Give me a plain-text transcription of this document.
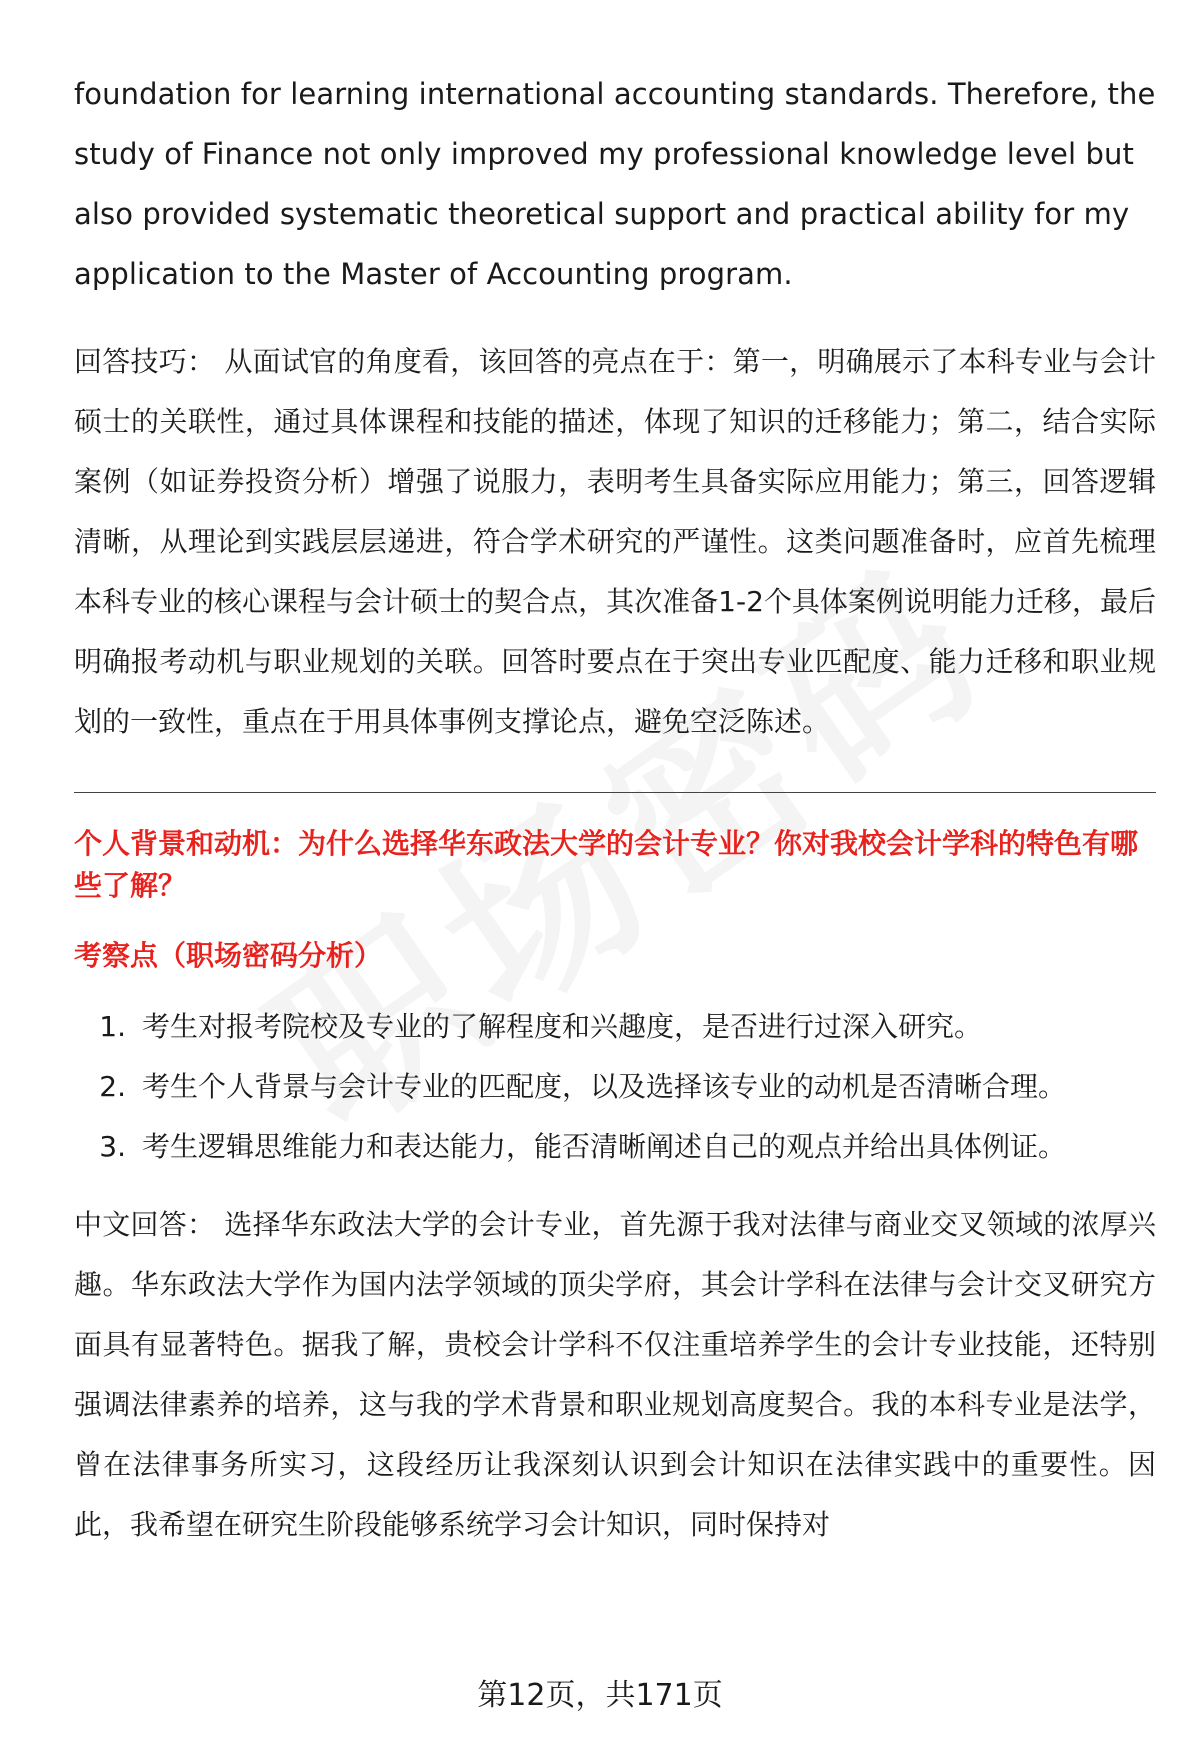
foundation for learning international accounting standards. Therefore, the study of Finance not only improved my professional knowledge level but also provided systematic theoretical support and practical ability for my application to the Master of Accounting program.

回答技巧： 从面试官的角度看，该回答的亮点在于：第一，明确展示了本科专业与会计硕士的关联性，通过具体课程和技能的描述，体现了知识的迁移能力；第二，结合实际案例（如证券投资分析）增强了说服力，表明考生具备实际应用能力；第三，回答逻辑清晰，从理论到实践层层递进，符合学术研究的严谨性。这类问题准备时，应首先梳理本科专业的核心课程与会计硕士的契合点，其次准备1-2个具体案例说明能力迁移，最后明确报考动机与职业规划的关联。回答时要点在于突出专业匹配度、能力迁移和职业规划的一致性，重点在于用具体事例支撑论点，避免空泛陈述。

个人背景和动机：为什么选择华东政法大学的会计专业？你对我校会计学科的特色有哪些了解？
考察点（职场密码分析）
1. 考生对报考院校及专业的了解程度和兴趣度，是否进行过深入研究。
2. 考生个人背景与会计专业的匹配度，以及选择该专业的动机是否清晰合理。
3. 考生逻辑思维能力和表达能力，能否清晰阐述自己的观点并给出具体例证。

中文回答： 选择华东政法大学的会计专业，首先源于我对法律与商业交叉领域的浓厚兴趣。华东政法大学作为国内法学领域的顶尖学府，其会计学科在法律与会计交叉研究方面具有显著特色。据我了解，贵校会计学科不仅注重培养学生的会计专业技能，还特别强调法律素养的培养，这与我的学术背景和职业规划高度契合。我的本科专业是法学，曾在法律事务所实习，这段经历让我深刻认识到会计知识在法律实践中的重要性。因此，我希望在研究生阶段能够系统学习会计知识，同时保持对

第12页，共171页
